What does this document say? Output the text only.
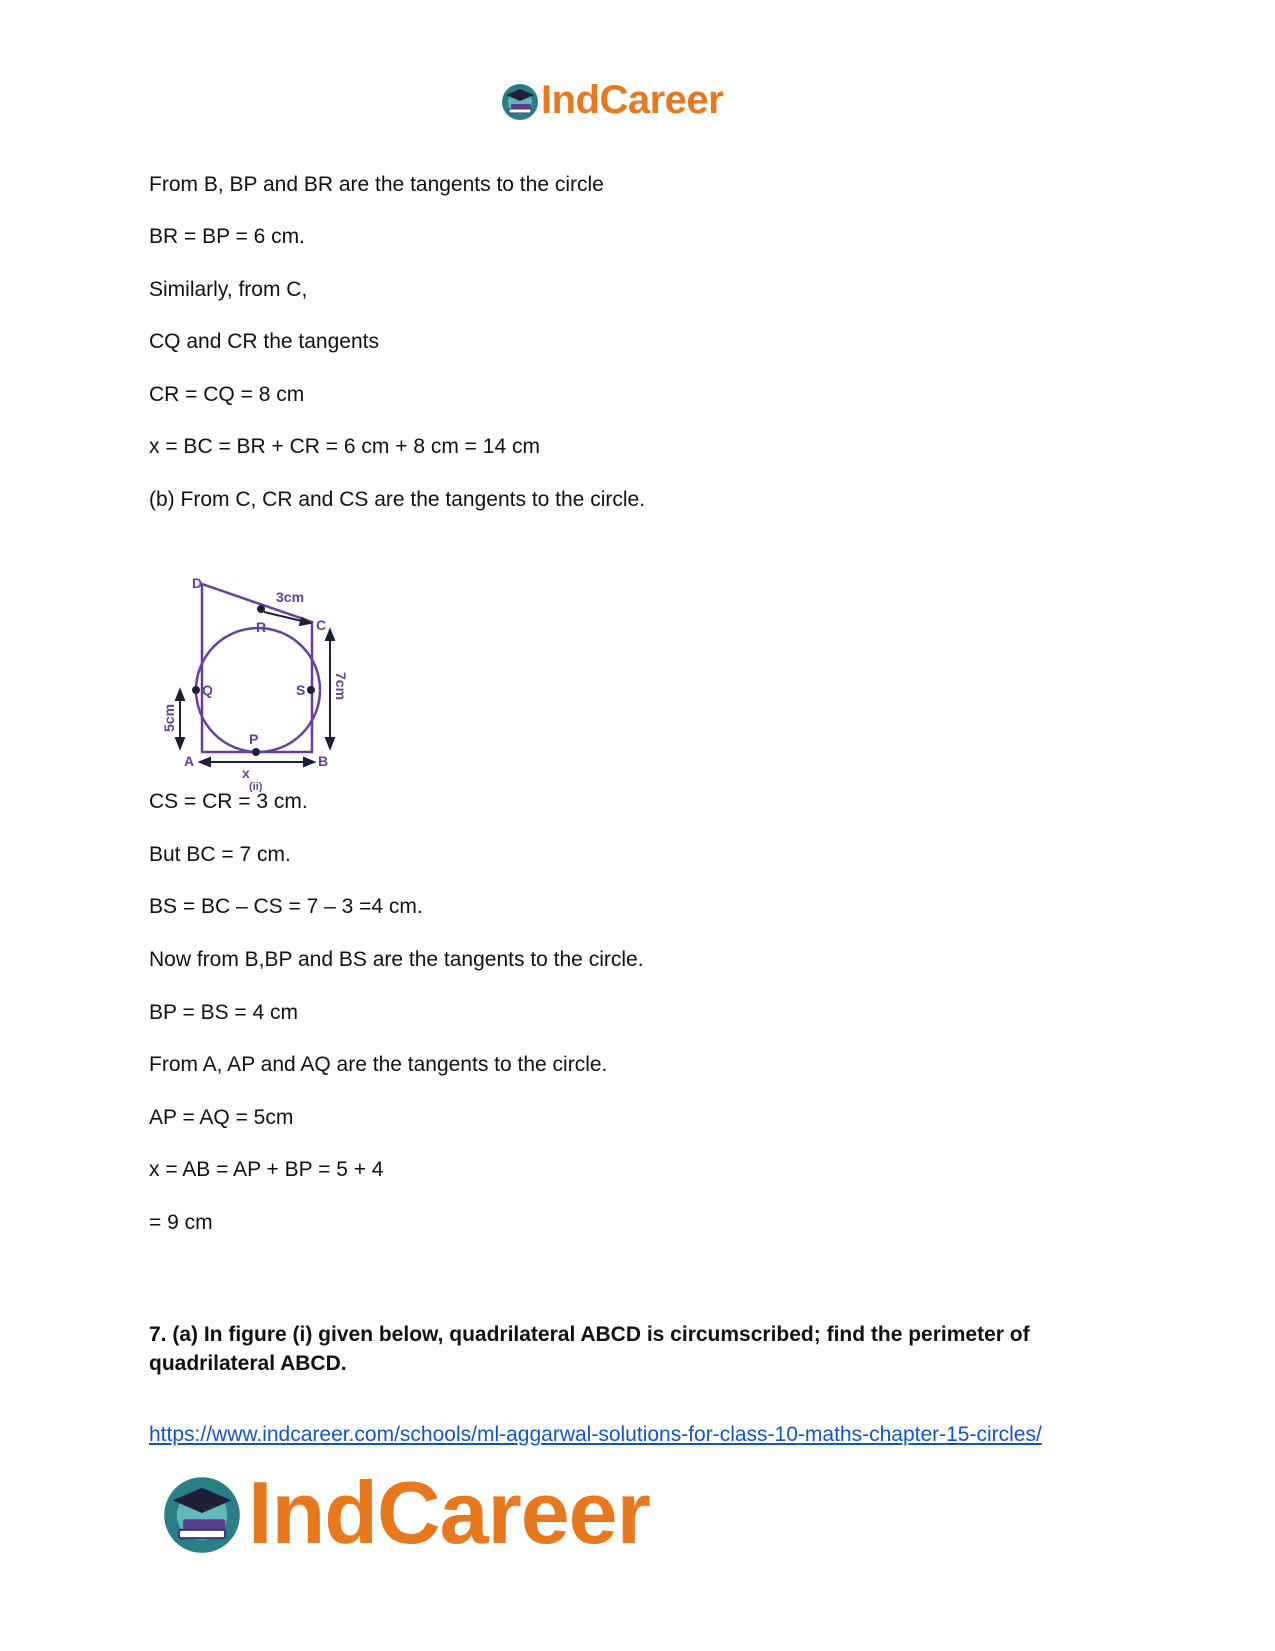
IndCareer
From B, BP and BR are the tangents to the circle
BR = BP = 6 cm.
Similarly, from C,
CQ and CR the tangents
CR = CQ = 8 cm
x = BC = BR + CR = 6 cm + 8 cm = 14 cm
(b) From C, CR and CS are the tangents to the circle.
D
C
A	B
R
Q	S
P
3cm
7cm
5cm
x
(ii)
CS = CR = 3 cm.
But BC = 7 cm.
BS = BC – CS = 7 – 3 =4 cm.
Now from B,BP and BS are the tangents to the circle.
BP = BS = 4 cm
From A, AP and AQ are the tangents to the circle.
AP = AQ = 5cm
x = AB = AP + BP = 5 + 4
= 9 cm
7. (a) In figure (i) given below, quadrilateral ABCD is circumscribed; find the perimeter of quadrilateral ABCD.
https://www.indcareer.com/schools/ml-aggarwal-solutions-for-class-10-maths-chapter-15-circles/
IndCareer
